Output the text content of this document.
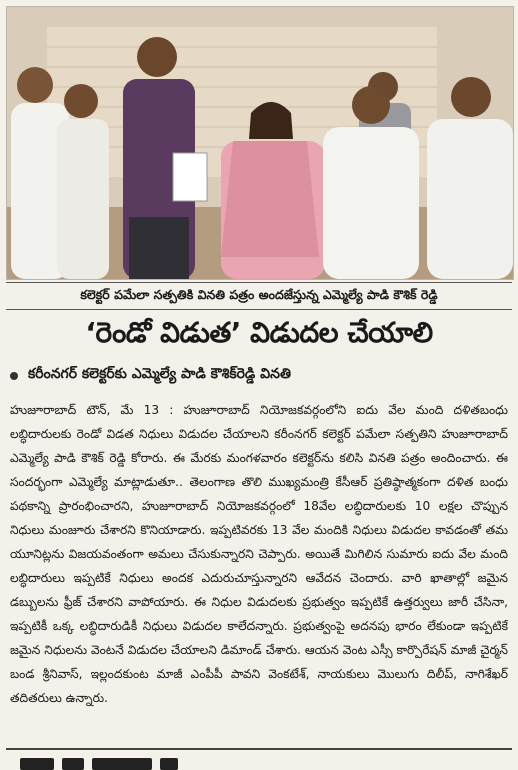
కలెక్టర్ పమేలా సత్పతికి వినతి పత్రం అందజేస్తున్న ఎమ్మెల్యే పాడి కౌశిక్ రెడ్డి
‘రెండో విడుత’ విడుదల చేయాలి
కరీంనగర్ కలెక్టర్‌కు ఎమ్మెల్యే పాడి కౌశిక్‌రెడ్డి వినతి

హుజూరాబాద్ టౌన్, మే 13 : హుజూరాబాద్ నియోజకవర్గంలోని ఐదు వేల మంది దళితబంధు లబ్ధిదారులకు రెండో విడత నిధులు విడుదల చేయాలని కరీంనగర్ కలెక్టర్ పమేలా సత్పతిని హుజూరాబాద్ ఎమ్మెల్యే పాడి కౌశిక్ రెడ్డి కోరారు. ఈ మేరకు మంగళవారం కలెక్టర్‌ను కలిసి వినతి పత్రం అందించారు. ఈ సందర్భంగా ఎమ్మెల్యే మాట్లాడుతూ.. తెలంగాణ తొలి ముఖ్యమంత్రి కేసీఆర్ ప్రతిష్ఠాత్మకంగా దళిత బంధు పథకాన్ని ప్రారంభించారని, హుజూరాబాద్ నియోజకవర్గంలో 18వేల లబ్ధిదారులకు 10 లక్షల చొప్పున నిధులు మంజూరు చేశారని కొనియాడారు. ఇప్పటివరకు 13 వేల మందికి నిధులు విడుదల కావడంతో తమ యూనిట్లను విజయవంతంగా అమలు చేసుకున్నారని చెప్పారు. అయితే మిగిలిన సుమారు ఐదు వేల మంది లబ్ధిదారులు ఇప్పటికే నిధులు అందక ఎదురుచూస్తున్నారని ఆవేదన చెందారు. వారి ఖాతాల్లో జమైన డబ్బులను ఫ్రీజ్ చేశారని వాపోయారు. ఈ నిధుల విడుదలకు ప్రభుత్వం ఇప్పటికే ఉత్తర్వులు జారీ చేసినా, ఇప్పటికీ ఒక్క లబ్ధిదారుడికీ నిధులు విడుదల కాలేదన్నారు. ప్రభుత్వంపై అదనపు భారం లేకుండా ఇప్పటికే జమైన నిధులను వెంటనే విడుదల చేయాలని డిమాండ్ చేశారు. ఆయన వెంట ఎస్సీ కార్పొరేషన్ మాజీ చైర్మన్ బండ శ్రీనివాస్, ఇల్లందకుంట మాజీ ఎంపీపీ పావని వెంకటేశ్, నాయకులు మొలుగు దిలీప్, నాగిశేఖర్ తదితరులు ఉన్నారు.
